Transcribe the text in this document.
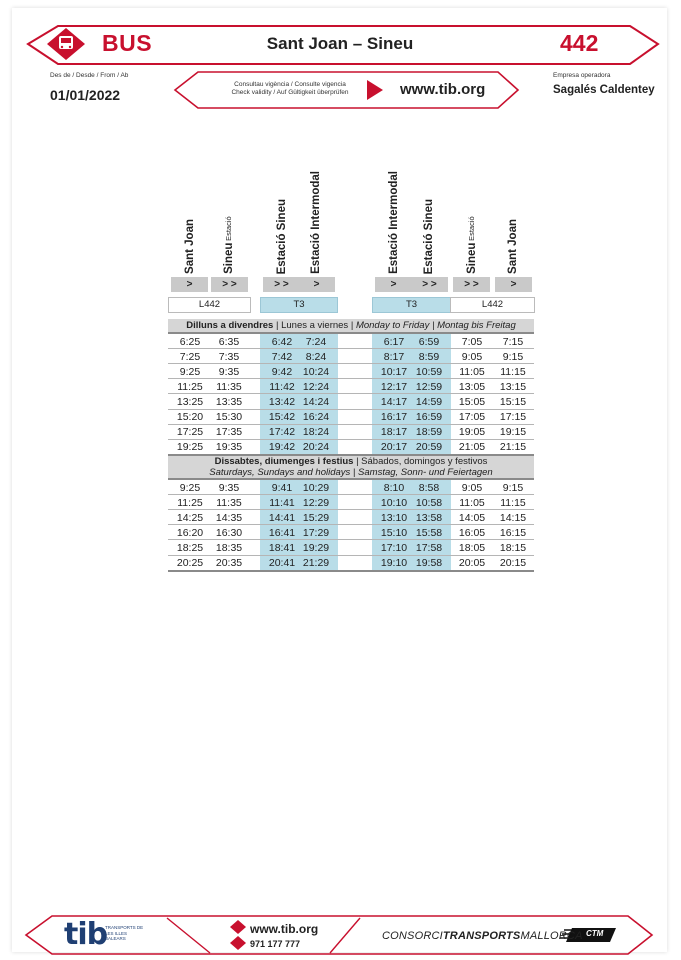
BUS	Sant Joan – Sineu	442
Des de / Desde / From / Ab
01/01/2022
Consultau vigència / Consulte vigencia
Check validity / Auf Gültigkeit überprüfen	www.tib.org
Empresa operadora
Sagalés Caldentey
Sant Joan
>
SineuEstació
> >
Estació Sineu
> >
Estació Intermodal
>
Estació Intermodal
>
Estació Sineu
> >
SineuEstació
> >
Sant Joan
>
L442	T3	T3	L442
Dilluns a divendres | Lunes a viernes | Monday to Friday | Montag bis Freitag
6:25	6:35	6:42	7:24	6:17	6:59	7:05	7:15
7:25	7:35	7:42	8:24	8:17	8:59	9:05	9:15
9:25	9:35	9:42	10:24	10:17 10:59	11:05	11:15
11:25	11:35	11:42 12:24	12:17 12:59	13:05	13:15
13:25	13:35	13:42 14:24	14:17 14:59	15:05	15:15
15:20	15:30	15:42 16:24	16:17 16:59	17:05	17:15
17:25	17:35	17:42 18:24	18:17 18:59	19:05	19:15
19:25	19:35	19:42 20:24	20:17 20:59	21:05	21:15
Dissabtes, diumenges i festius | Sábados, domingos y festivos
Saturdays, Sundays and holidays | Samstag, Sonn- und Feiertagen
9:25	9:35	9:41	10:29	8:10	8:58	9:05	9:15
11:25	11:35	11:41 12:29	10:10 10:58	11:05	11:15
14:25	14:35	14:41 15:29	13:10 13:58	14:05	14:15
16:20	16:30	16:41 17:29	15:10 15:58	16:05	16:15
18:25	18:35	18:41 19:29	17:10 17:58	18:05	18:15
20:25	20:35	20:41 21:29	19:10 19:58	20:05	20:15
tib
TRANSPORTS DE LES ILLES BALEARS
www.tib.org
971 177 777
CONSORCITRANSPORTSMALLORCA CTM
